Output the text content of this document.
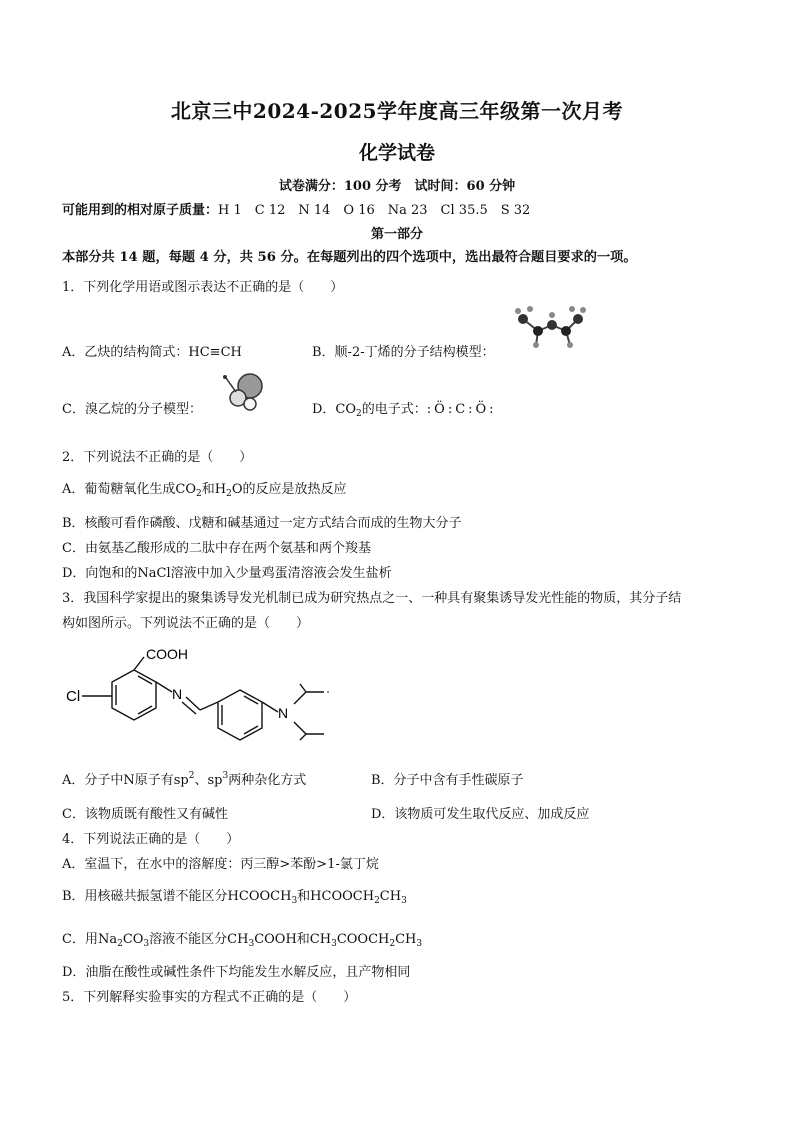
北京三中2024-2025学年度高三年级第一次月考
化学试卷
试卷满分：100 分考　试时间：60 分钟
可能用到的相对原子质量：H 1　C 12　N 14　O 16　Na 23　Cl 35.5　S 32
第一部分
本部分共 14 题，每题 4 分，共 56 分。在每题列出的四个选项中，选出最符合题目要求的一项。
1．下列化学用语或图示表达不正确的是（　　）
A．乙炔的结构简式：HC≡CH	B．顺-2-丁烯的分子结构模型：
C．溴乙烷的分子模型：	D．$CO_2$的电子式：:Ö:C:Ö:
2．下列说法不正确的是（　　）
A．葡萄糖氧化生成$CO_2$和$H_2O$的反应是放热反应
B．核酸可看作磷酸、戊糖和碱基通过一定方式结合而成的生物大分子
C．由氨基乙酸形成的二肽中存在两个氨基和两个羧基
D．向饱和的NaCl溶液中加入少量鸡蛋清溶液会发生盐析
3．我国科学家提出的聚集诱导发光机制已成为研究热点之一、一种具有聚集诱导发光性能的物质，其分子结
构如图所示。下列说法不正确的是（　　）
COOH
Cl	N
N
A．分子中N原子有$sp^2$、$sp^3$两种杂化方式	B．分子中含有手性碳原子
C．该物质既有酸性又有碱性	D．该物质可发生取代反应、加成反应
4．下列说法正确的是（　　）
A．室温下，在水中的溶解度：丙三醇>苯酚>1-氯丁烷
B．用核磁共振氢谱不能区分$HCOOCH_3$和$HCOOCH_2CH_3$
C．用$Na_2CO_3$溶液不能区分$CH_3COOH$和$CH_3COOCH_2CH_3$
D．油脂在酸性或碱性条件下均能发生水解反应，且产物相同
5．下列解释实验事实的方程式不正确的是（　　）
